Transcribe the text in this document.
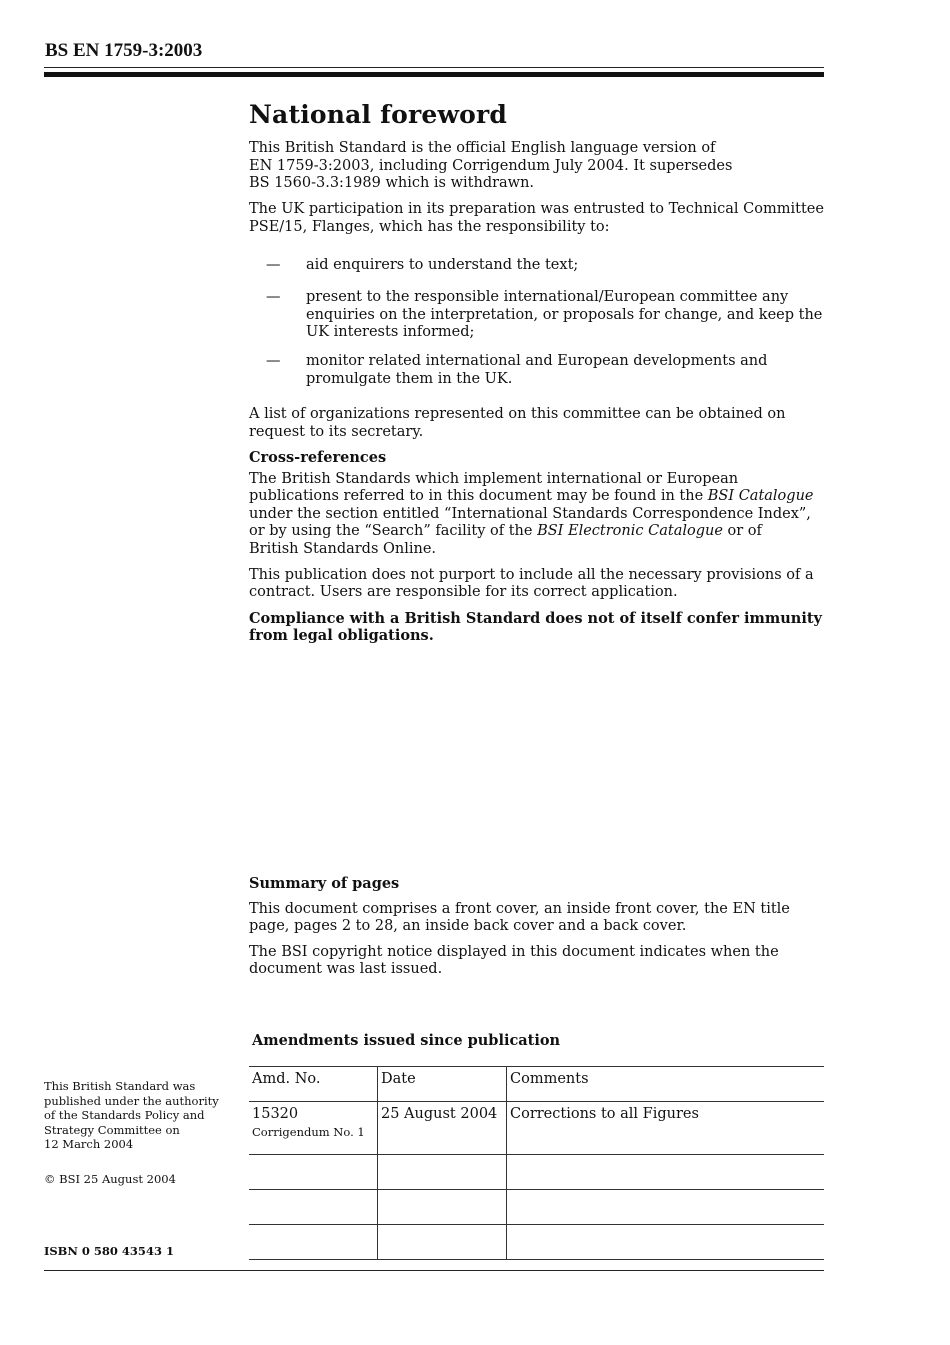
BS EN 1759-3:2003
National foreword

This British Standard is the official English language version of

EN 1759-3:2003, including Corrigendum July 2004. It supersedes

BS 1560-3.3:1989 which is withdrawn.

The UK participation in its preparation was entrusted to Technical Committee PSE/15, Flanges, which has the responsibility to:

— aid enquirers to understand the text;
— present to the responsible international/European committee any enquiries on the interpretation, or proposals for change, and keep the UK interests informed;
— monitor related international and European developments and promulgate them in the UK.

A list of organizations represented on this committee can be obtained on request to its secretary.

Cross-references

The British Standards which implement international or European publications referred to in this document may be found in the BSI Catalogue under the section entitled “International Standards Correspondence Index”, or by using the “Search” facility of the BSI Electronic Catalogue or of
British Standards Online.

This publication does not purport to include all the necessary provisions of a contract. Users are responsible for its correct application.

Compliance with a British Standard does not of itself confer immunity from legal obligations.

Summary of pages

This document comprises a front cover, an inside front cover, the EN title page, pages 2 to 28, an inside back cover and a back cover.

The BSI copyright notice displayed in this document indicates when the document was last issued.

This British Standard was

published under the authority

of the Standards Policy and

Strategy Committee on

12 March 2004

© BSI 25 August 2004
ISBN 0 580 43543 1
Amendments issued since publication
Amd. No.	Date	Comments
15320
Corrigendum No. 1	25 August 2004	Corrections to all Figures
